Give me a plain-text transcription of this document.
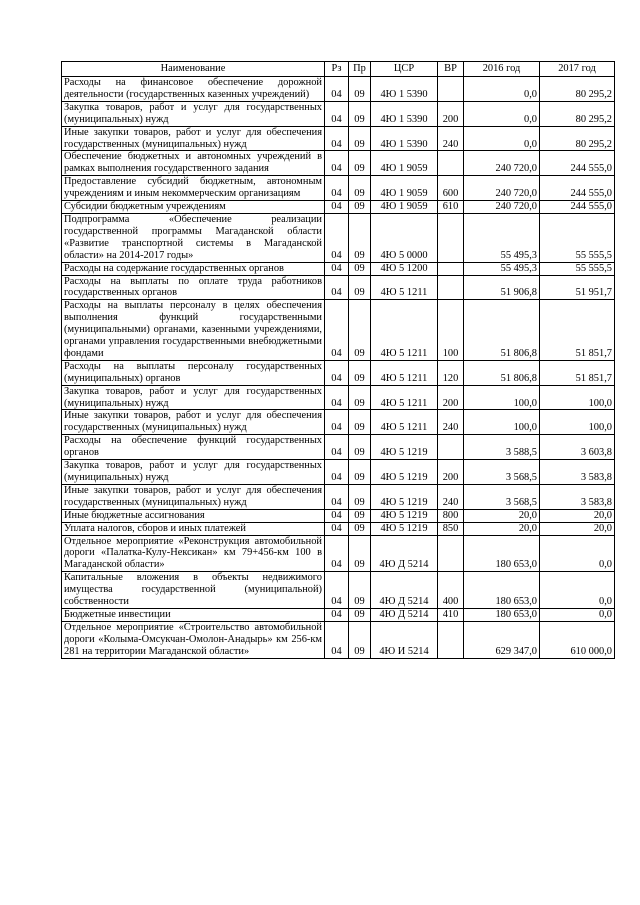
Наименование	Рз	Пр	ЦСР	ВР	2016 год	2017 год
Расходы на финансовое обеспечение дорожной деятельности (государственных казенных учреждений)	04	09	4Ю 1 5390		0,0	80 295,2
Закупка товаров, работ и услуг для государственных (муниципальных) нужд	04	09	4Ю 1 5390	200	0,0	80 295,2
Иные закупки товаров, работ и услуг для обеспечения государственных (муниципальных) нужд	04	09	4Ю 1 5390	240	0,0	80 295,2
Обеспечение бюджетных и автономных учреждений в рамках выполнения государственного задания	04	09	4Ю 1 9059		240 720,0	244 555,0
Предоставление субсидий бюджетным, автономным учреждениям и иным некоммерческим организациям	04	09	4Ю 1 9059	600	240 720,0	244 555,0
Субсидии бюджетным учреждениям	04	09	4Ю 1 9059	610	240 720,0	244 555,0
Подпрограмма «Обеспечение реализации государственной программы Магаданской области «Развитие транспортной системы в Магаданской области» на 2014-2017 годы»	04	09	4Ю 5 0000		55 495,3	55 555,5
Расходы на содержание государственных органов	04	09	4Ю 5 1200		55 495,3	55 555,5
Расходы на выплаты по оплате труда работников государственных органов	04	09	4Ю 5 1211		51 906,8	51 951,7
Расходы на выплаты персоналу в целях обеспечения выполнения функций государственными (муниципальными) органами, казенными учреждениями, органами управления государственными внебюджетными фондами	04	09	4Ю 5 1211	100	51 806,8	51 851,7
Расходы на выплаты персоналу государственных (муниципальных) органов	04	09	4Ю 5 1211	120	51 806,8	51 851,7
Закупка товаров, работ и услуг для государственных (муниципальных) нужд	04	09	4Ю 5 1211	200	100,0	100,0
Иные закупки товаров, работ и услуг для обеспечения государственных (муниципальных) нужд	04	09	4Ю 5 1211	240	100,0	100,0
Расходы на обеспечение функций государственных органов	04	09	4Ю 5 1219		3 588,5	3 603,8
Закупка товаров, работ и услуг для государственных (муниципальных) нужд	04	09	4Ю 5 1219	200	3 568,5	3 583,8
Иные закупки товаров, работ и услуг для обеспечения государственных (муниципальных) нужд	04	09	4Ю 5 1219	240	3 568,5	3 583,8
Иные бюджетные ассигнования	04	09	4Ю 5 1219	800	20,0	20,0
Уплата налогов, сборов и иных платежей	04	09	4Ю 5 1219	850	20,0	20,0
Отдельное мероприятие «Реконструкция автомобильной дороги «Палатка-Кулу-Нексикан» км 79+456-км 100 в Магаданской области»	04	09	4Ю Д 5214		180 653,0	0,0
Капитальные вложения в объекты недвижимого имущества государственной (муниципальной) собственности	04	09	4Ю Д 5214	400	180 653,0	0,0
Бюджетные инвестиции	04	09	4Ю Д 5214	410	180 653,0	0,0
Отдельное мероприятие «Строительство автомобильной дороги «Колыма-Омсукчан-Омолон-Анадырь» км 256-км 281 на территории Магаданской области»	04	09	4Ю И 5214		629 347,0	610 000,0
